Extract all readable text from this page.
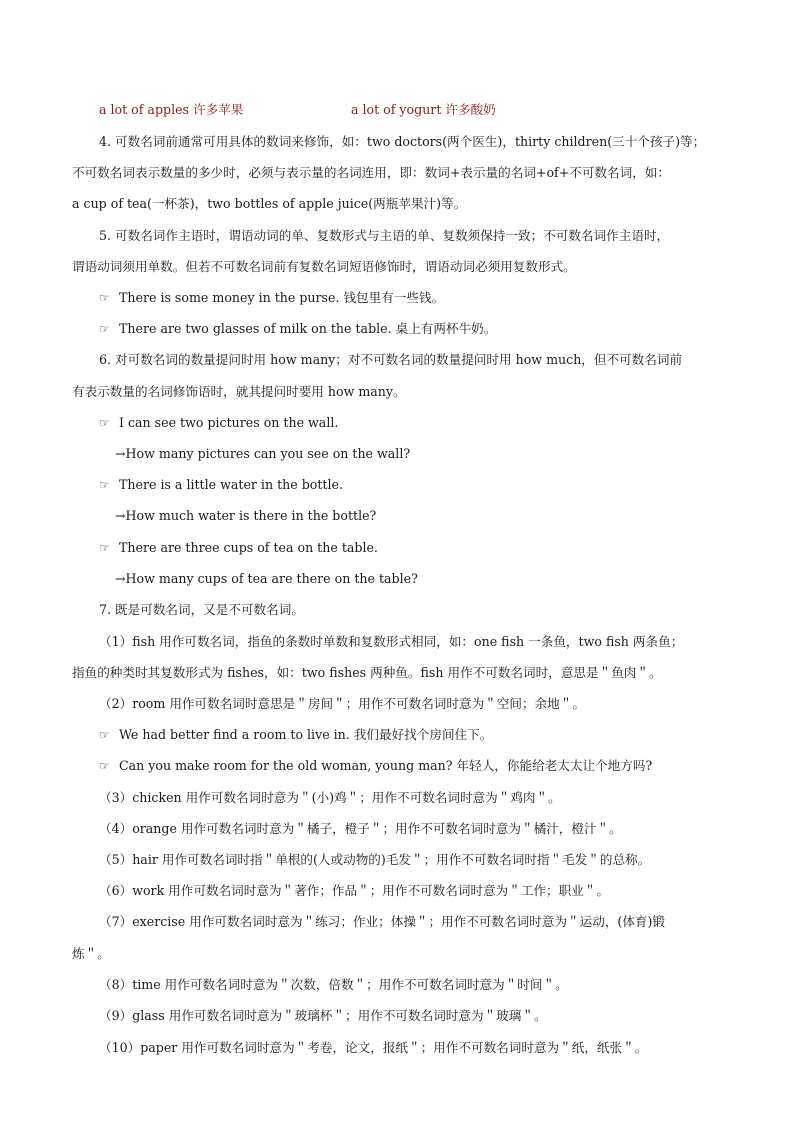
a lot of apples 许多苹果	a lot of yogurt 许多酸奶
4. 可数名词前通常可用具体的数词来修饰，如：two doctors(两个医生)，thirty children(三十个孩子)等；
不可数名词表示数量的多少时，必须与表示量的名词连用，即：数词+表示量的名词+of+不可数名词，如：
a cup of tea(一杯茶)，two bottles of apple juice(两瓶苹果汁)等。
5. 可数名词作主语时，谓语动词的单、复数形式与主语的单、复数须保持一致；不可数名词作主语时，
谓语动词须用单数。但若不可数名词前有复数名词短语修饰时，谓语动词必须用复数形式。
☞ There is some money in the purse. 钱包里有一些钱。
☞ There are two glasses of milk on the table. 桌上有两杯牛奶。
6. 对可数名词的数量提问时用 how many；对不可数名词的数量提问时用 how much，但不可数名词前
有表示数量的名词修饰语时，就其提问时要用 how many。
☞ I can see two pictures on the wall.
→How many pictures can you see on the wall?
☞ There is a little water in the bottle.
→How much water is there in the bottle?
☞ There are three cups of tea on the table.
→How many cups of tea are there on the table?
7. 既是可数名词，又是不可数名词。
（1）fish 用作可数名词，指鱼的条数时单数和复数形式相同，如：one fish 一条鱼，two fish 两条鱼；
指鱼的种类时其复数形式为 fishes，如：two fishes 两种鱼。fish 用作不可数名词时，意思是＂鱼肉＂。
（2）room 用作可数名词时意思是＂房间＂；用作不可数名词时意为＂空间；余地＂。
☞ We had better find a room to live in. 我们最好找个房间住下。
☞ Can you make room for the old woman, young man? 年轻人，你能给老太太让个地方吗?
（3）chicken 用作可数名词时意为＂(小)鸡＂；用作不可数名词时意为＂鸡肉＂。
（4）orange 用作可数名词时意为＂橘子，橙子＂；用作不可数名词时意为＂橘汁，橙汁＂。
（5）hair 用作可数名词时指＂单根的(人或动物的)毛发＂；用作不可数名词时指＂毛发＂的总称。
（6）work 用作可数名词时意为＂著作；作品＂；用作不可数名词时意为＂工作；职业＂。
（7）exercise 用作可数名词时意为＂练习；作业；体操＂；用作不可数名词时意为＂运动，(体育)锻
炼＂。
（8）time 用作可数名词时意为＂次数，倍数＂；用作不可数名词时意为＂时间＂。
（9）glass 用作可数名词时意为＂玻璃杯＂；用作不可数名词时意为＂玻璃＂。
（10）paper 用作可数名词时意为＂考卷，论文，报纸＂；用作不可数名词时意为＂纸，纸张＂。
